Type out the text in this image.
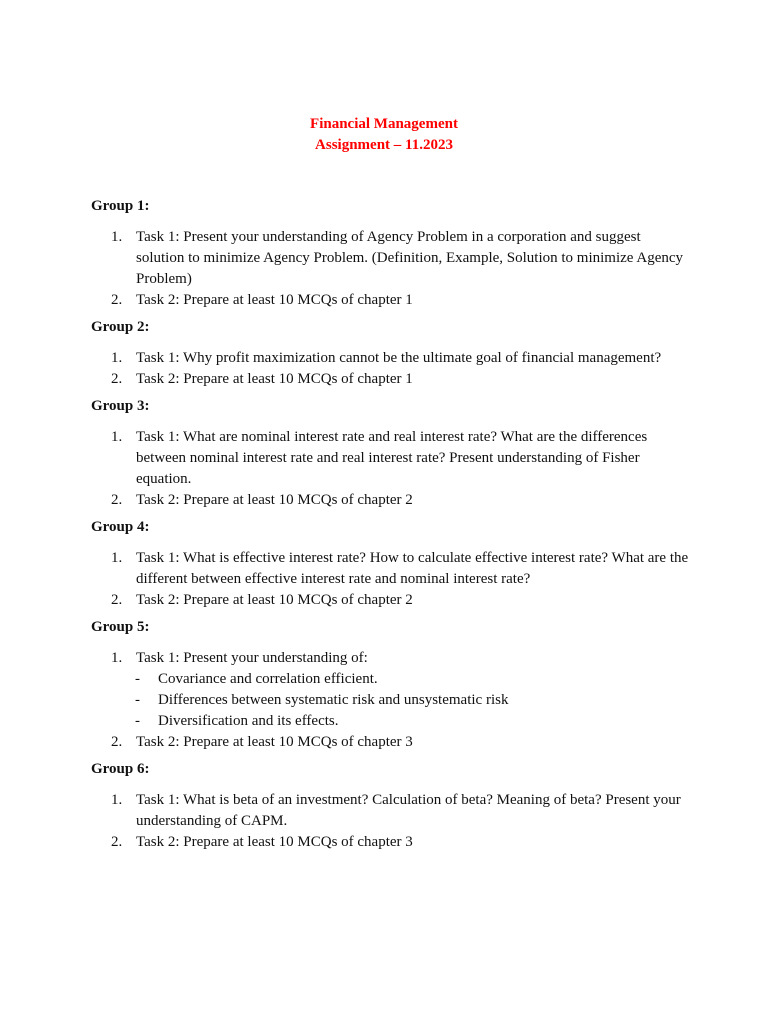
Financial Management
Assignment – 11.2023
Group 1:
1. Task 1: Present your understanding of Agency Problem in a corporation and suggest solution to minimize Agency Problem. (Definition, Example, Solution to minimize Agency Problem)
2. Task 2: Prepare at least 10 MCQs of chapter 1
Group 2:
1. Task 1: Why profit maximization cannot be the ultimate goal of financial management?
2. Task 2: Prepare at least 10 MCQs of chapter 1
Group 3:
1. Task 1: What are nominal interest rate and real interest rate? What are the differences between nominal interest rate and real interest rate? Present understanding of Fisher equation.
2. Task 2: Prepare at least 10 MCQs of chapter 2
Group 4:
1. Task 1: What is effective interest rate? How to calculate effective interest rate? What are the different between effective interest rate and nominal interest rate?
2. Task 2: Prepare at least 10 MCQs of chapter 2
Group 5:
1. Task 1: Present your understanding of:
- Covariance and correlation efficient.
- Differences between systematic risk and unsystematic risk
- Diversification and its effects.
2. Task 2: Prepare at least 10 MCQs of chapter 3
Group 6:
1. Task 1: What is beta of an investment? Calculation of beta? Meaning of beta? Present your understanding of CAPM.
2. Task 2: Prepare at least 10 MCQs of chapter 3
